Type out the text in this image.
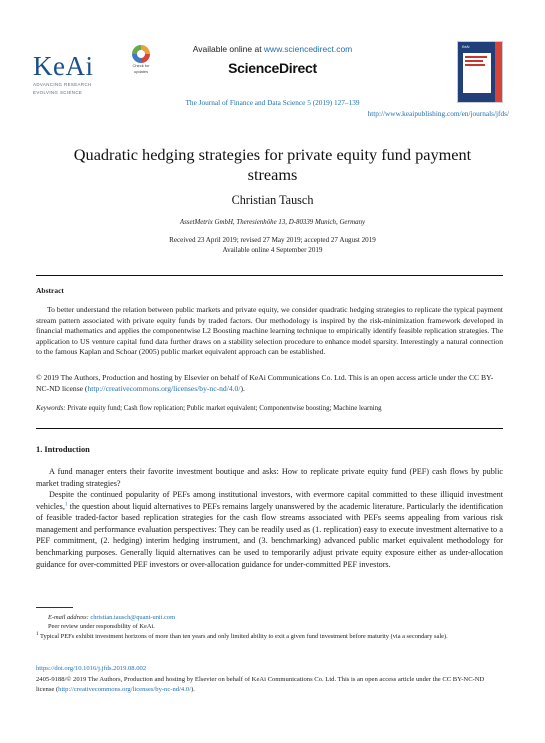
KeAi
ADVANCING RESEARCH
EVOLVING SCIENCE
Check for
updates
Available online at www.sciencedirect.com
ScienceDirect
KeAi
The Journal of Finance and Data Science 5 (2019) 127–139
http://www.keaipublishing.com/en/journals/jfds/
Quadratic hedging strategies for private equity fund payment streams
Christian Tausch
AssetMetrix GmbH, Theresienhöhe 13, D-80339 Munich, Germany
Received 23 April 2019; revised 27 May 2019; accepted 27 August 2019
Available online 4 September 2019
Abstract
To better understand the relation between public markets and private equity, we consider quadratic hedging strategies to replicate the typical payment stream pattern associated with private equity funds by traded factors. Our methodology is inspired by the risk-minimization framework developed in financial mathematics and applies the componentwise L2 Boosting machine learning technique to empirically identify feasible replication strategies. The application to US venture capital fund data further draws on a stability selection procedure to enhance model sparsity. Interestingly a natural connection to the famous Kaplan and Schoar (2005) public market equivalent approach can be established.
© 2019 The Authors, Production and hosting by Elsevier on behalf of KeAi Communications Co. Ltd. This is an open access article under the CC BY-NC-ND license (http://creativecommons.org/licenses/by-nc-nd/4.0/).
Keywords: Private equity fund; Cash flow replication; Public market equivalent; Componentwise boosting; Machine learning
1. Introduction
A fund manager enters their favorite investment boutique and asks: How to replicate private equity fund (PEF) cash flows by public market trading strategies?
Despite the continued popularity of PEFs among institutional investors, with evermore capital committed to these illiquid investment vehicles,$^1$ the question about liquid alternatives to PEFs remains largely unanswered by the academic literature. Particularly the identification of feasible traded-factor based replication strategies for the cash flow streams associated with PEFs seems appealing from various risk management and performance evaluation perspectives: They can be readily used as (1. replication) easy to execute investment alternative to a PEF commitment, (2. hedging) interim hedging instrument, and (3. benchmarking) advanced public market equivalent methodology for benchmarking purposes. Generally liquid alternatives can be used to temporarily adjust private equity exposure either as under-allocation guidance for over-committed PEF investors or over-allocation guidance for under-committed PEF investors.
E-mail address: christian.tausch@quant-unit.com
Peer review under responsibility of KeAi.
$^1$ Typical PEFs exhibit investment horizons of more than ten years and only limited ability to exit a given fund investment before maturity (via a secondary sale).
https://doi.org/10.1016/j.jfds.2019.08.002
2405-9188/© 2019 The Authors, Production and hosting by Elsevier on behalf of KeAi Communications Co. Ltd. This is an open access article under the CC BY-NC-ND license (http://creativecommons.org/licenses/by-nc-nd/4.0/).
